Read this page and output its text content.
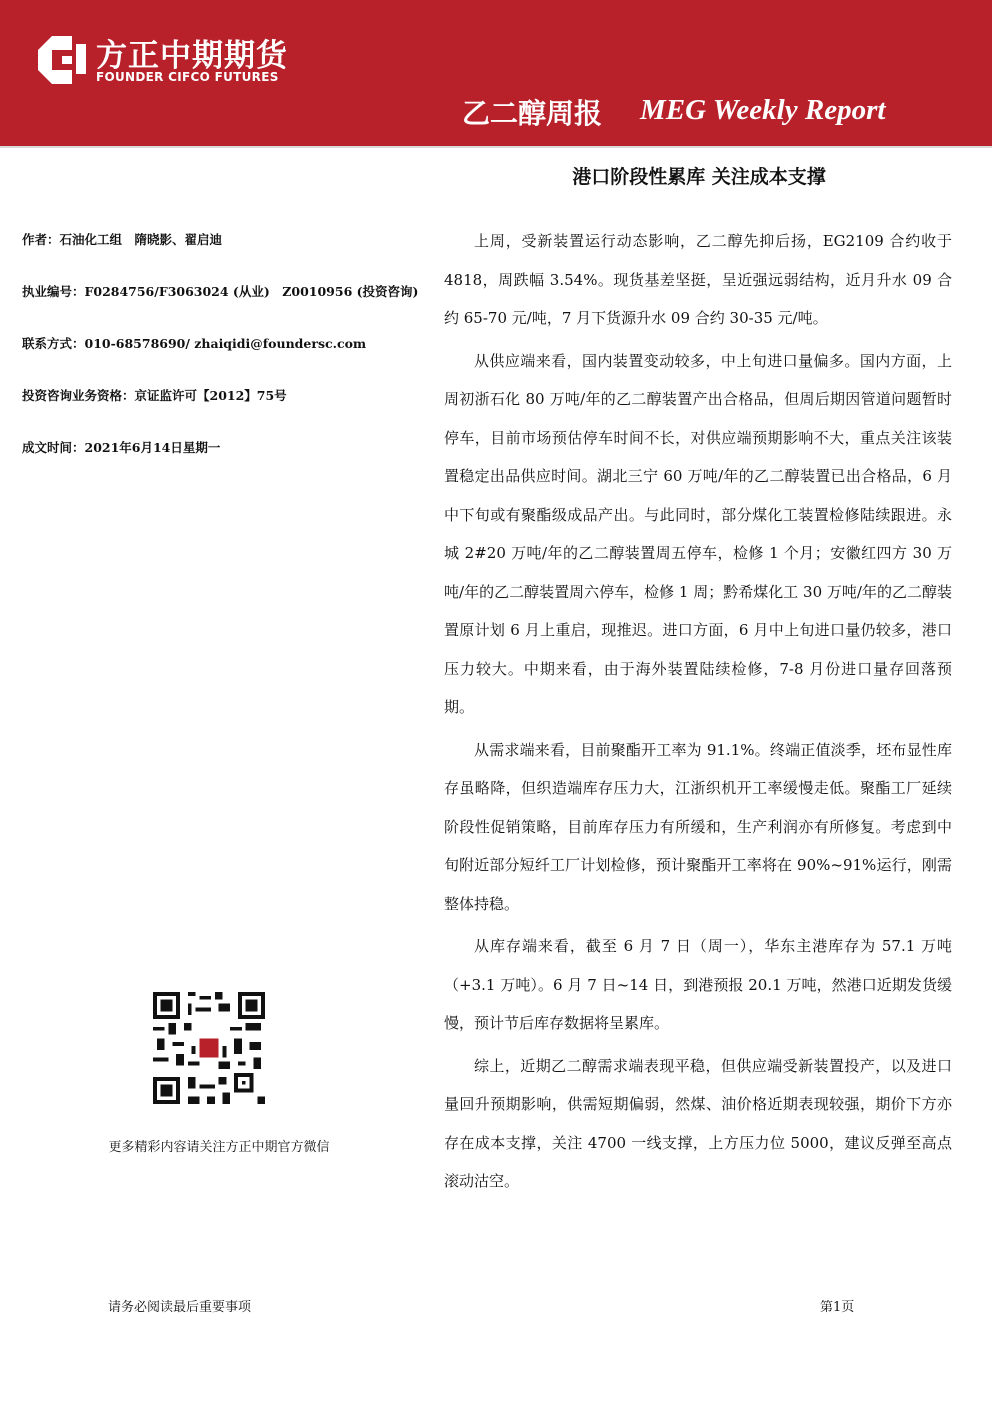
方正中期期货
FOUNDER CIFCO FUTURES
乙二醇周报 MEG Weekly Report
港口阶段性累库 关注成本支撑
作者：石油化工组　隋晓影、翟启迪
执业编号：F0284756/F3063024 (从业)　Z0010956 (投资咨询)
联系方式：010-68578690/ zhaiqidi@foundersc.com
投资咨询业务资格：京证监许可【2012】75号
成文时间：2021年6月14日星期一
更多精彩内容请关注方正中期官方微信

上周，受新装置运行动态影响，乙二醇先抑后扬，EG2109 合约收于 4818，周跌幅 3.54%。现货基差坚挺，呈近强远弱结构，近月升水 09 合约 65-70 元/吨，7 月下货源升水 09 合约 30-35 元/吨。

从供应端来看，国内装置变动较多，中上旬进口量偏多。国内方面，上周初浙石化 80 万吨/年的乙二醇装置产出合格品，但周后期因管道问题暂时停车，目前市场预估停车时间不长，对供应端预期影响不大，重点关注该装置稳定出品供应时间。湖北三宁 60 万吨/年的乙二醇装置已出合格品，6 月中下旬或有聚酯级成品产出。与此同时，部分煤化工装置检修陆续跟进。永城 2#20 万吨/年的乙二醇装置周五停车，检修 1 个月；安徽红四方 30 万吨/年的乙二醇装置周六停车，检修 1 周；黔希煤化工 30 万吨/年的乙二醇装置原计划 6 月上重启，现推迟。进口方面，6 月中上旬进口量仍较多，港口压力较大。中期来看，由于海外装置陆续检修，7-8 月份进口量存回落预期。

从需求端来看，目前聚酯开工率为 91.1%。终端正值淡季，坯布显性库存虽略降，但织造端库存压力大，江浙织机开工率缓慢走低。聚酯工厂延续阶段性促销策略，目前库存压力有所缓和，生产利润亦有所修复。考虑到中旬附近部分短纤工厂计划检修，预计聚酯开工率将在 90%~91%运行，刚需整体持稳。

从库存端来看，截至 6 月 7 日（周一），华东主港库存为 57.1 万吨（+3.1 万吨）。6 月 7 日~14 日，到港预报 20.1 万吨，然港口近期发货缓慢，预计节后库存数据将呈累库。

综上，近期乙二醇需求端表现平稳，但供应端受新装置投产，以及进口量回升预期影响，供需短期偏弱，然煤、油价格近期表现较强，期价下方亦存在成本支撑，关注 4700 一线支撑，上方压力位 5000，建议反弹至高点滚动沽空。

请务必阅读最后重要事项	第1页
